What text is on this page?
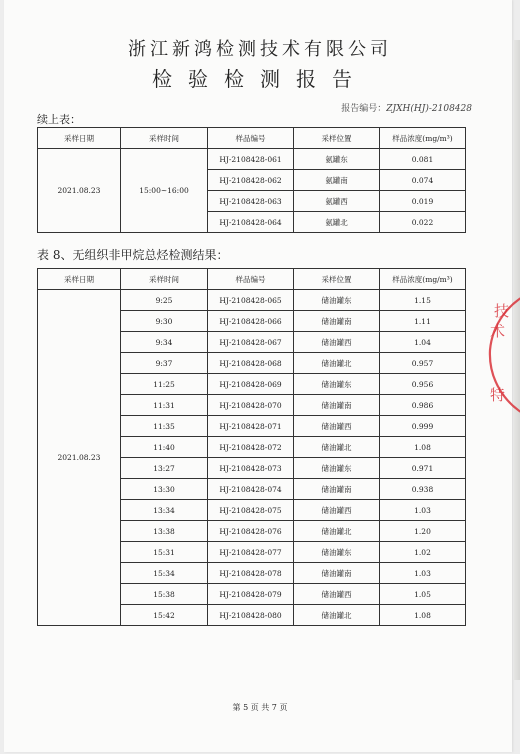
浙江新鸿检测技术有限公司
检验检测报告
报告编号：ZJXH(HJ)-2108428
续上表：
采样日期	采样时间	样品编号	采样位置	样品浓度(mg/m³)
2021.08.23	15:00~16:00	HJ-2108428-061	氨罐东	0.081
		HJ-2108428-062	氨罐南	0.074
		HJ-2108428-063	氨罐西	0.019
		HJ-2108428-064	氨罐北	0.022
表 8、无组织非甲烷总烃检测结果：
采样日期	采样时间	样品编号	采样位置	样品浓度(mg/m³)
2021.08.23	9:25	HJ-2108428-065	储油罐东	1.15
	9:30	HJ-2108428-066	储油罐南	1.11
	9:34	HJ-2108428-067	储油罐西	1.04
	9:37	HJ-2108428-068	储油罐北	0.957
	11:25	HJ-2108428-069	储油罐东	0.956
	11:31	HJ-2108428-070	储油罐南	0.986
	11:35	HJ-2108428-071	储油罐西	0.999
	11:40	HJ-2108428-072	储油罐北	1.08
	13:27	HJ-2108428-073	储油罐东	0.971
	13:30	HJ-2108428-074	储油罐南	0.938
	13:34	HJ-2108428-075	储油罐西	1.03
	13:38	HJ-2108428-076	储油罐北	1.20
	15:31	HJ-2108428-077	储油罐东	1.02
	15:34	HJ-2108428-078	储油罐南	1.03
	15:38	HJ-2108428-079	储油罐西	1.05
	15:42	HJ-2108428-080	储油罐北	1.08
技
术
特
第 5 页 共 7 页
